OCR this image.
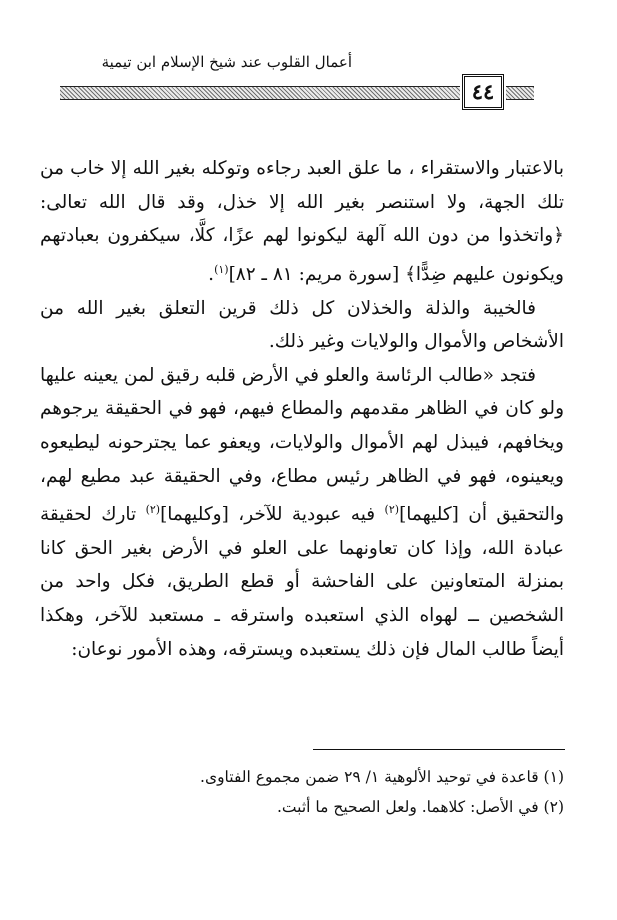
أعمال القلوب عند شيخ الإسلام ابن تيمية
٤٤

بالاعتبار والاستقراء ، ما علق العبد رجاءه وتوكله بغير الله إلا خاب من تلك الجهة، ولا استنصر بغير الله إلا خذل، وقد قال الله تعالى: ﴿واتخذوا من دون الله آلهة ليكونوا لهم عزًا، كلَّا، سيكفرون بعبادتهم ويكونون عليهم ضِدًّا﴾ [سورة مريم: ٨١ ـ ٨٢]$^{(١)}$.

فالخيبة والذلة والخذلان كل ذلك قرين التعلق بغير الله من الأشخاص والأموال والولايات وغير ذلك.

فتجد «طالب الرئاسة والعلو في الأرض قلبه رقيق لمن يعينه عليها ولو كان في الظاهر مقدمهم والمطاع فيهم، فهو في الحقيقة يرجوهم ويخافهم، فيبذل لهم الأموال والولايات، ويعفو عما يجترحونه ليطيعوه ويعينوه، فهو في الظاهر رئيس مطاع، وفي الحقيقة عبد مطيع لهم، والتحقيق أن [كليهما]$^{(٢)}$ فيه عبودية للآخر، [وكليهما]$^{(٢)}$ تارك لحقيقة عبادة الله، وإذا كان تعاونهما على العلو في الأرض بغير الحق كانا بمنزلة المتعاونين على الفاحشة أو قطع الطريق، فكل واحد من الشخصين ــ لهواه الذي استعبده واسترقه ـ مستعبد للآخر، وهكذا أيضاً طالب المال فإن ذلك يستعبده ويسترقه، وهذه الأمور نوعان:

(١) قاعدة في توحيد الألوهية ١/ ٢٩ ضمن مجموع الفتاوى.

(٢) في الأصل: كلاهما. ولعل الصحيح ما أثبت.
